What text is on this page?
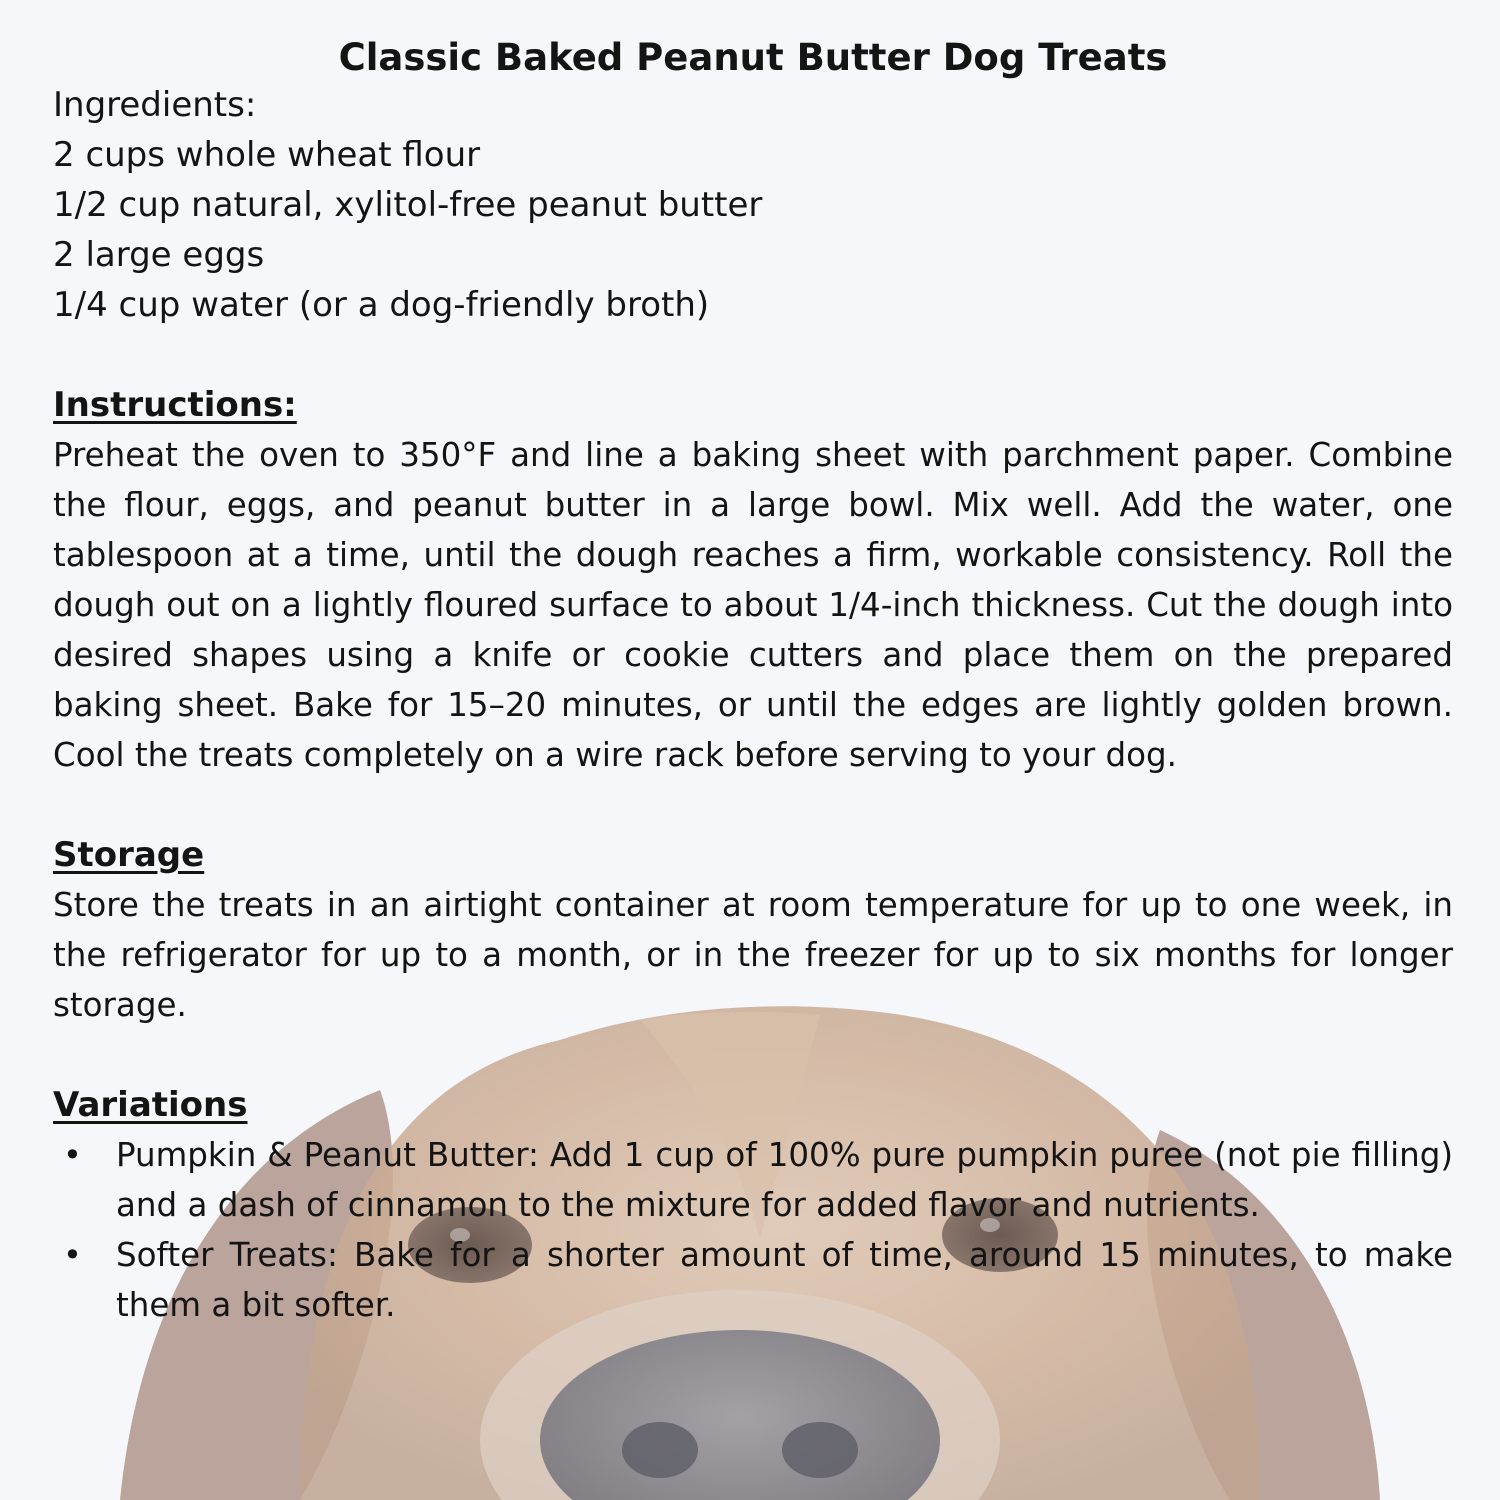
Classic Baked Peanut Butter Dog Treats
Ingredients:
2 cups whole wheat flour
1/2 cup natural, xylitol-free peanut butter
2 large eggs
1/4 cup water (or a dog-friendly broth)
Instructions:
Preheat the oven to 350°F and line a baking sheet with parchment paper. Combine the flour, eggs, and peanut butter in a large bowl. Mix well. Add the water, one tablespoon at a time, until the dough reaches a firm, workable consistency. Roll the dough out on a lightly floured surface to about 1/4-inch thickness. Cut the dough into desired shapes using a knife or cookie cutters and place them on the prepared baking sheet. Bake for 15–20 minutes, or until the edges are lightly golden brown. Cool the treats completely on a wire rack before serving to your dog.
Storage
Store the treats in an airtight container at room temperature for up to one week, in the refrigerator for up to a month, or in the freezer for up to six months for longer storage.
Variations
• Pumpkin & Peanut Butter: Add 1 cup of 100% pure pumpkin puree (not pie filling) and a dash of cinnamon to the mixture for added flavor and nutrients.
• Softer Treats: Bake for a shorter amount of time, around 15 minutes, to make them a bit softer.
